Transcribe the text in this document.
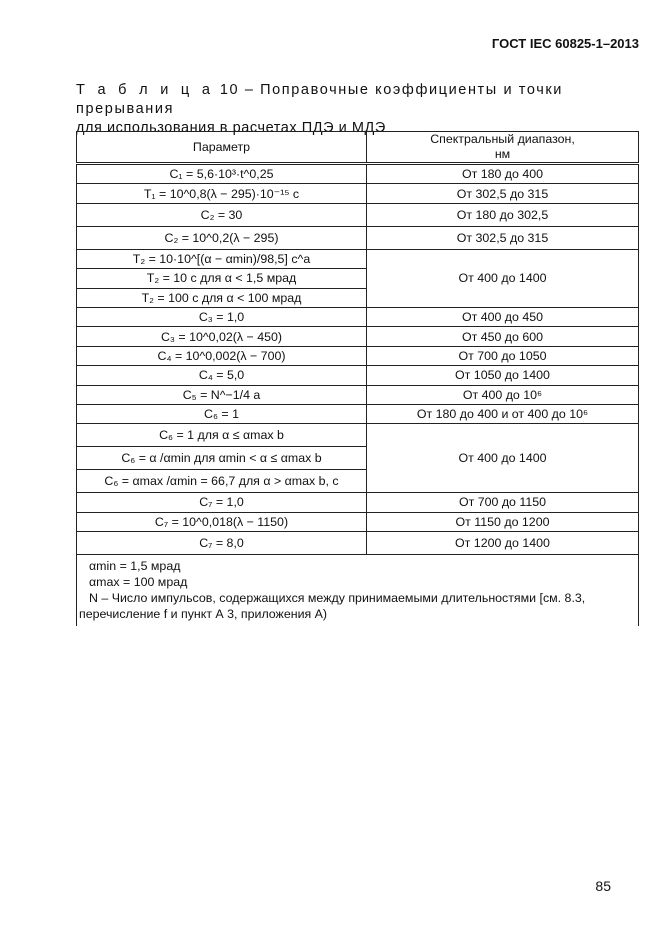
ГОСТ IEC 60825-1–2013
Т а б л и ц а 10 – Поправочные коэффициенты и точки прерывания
для использования в расчетах ПДЭ и МДЭ
Параметр	Спектральный диапазон,
нм
C₁ = 5,6·10³·t^0,25	От 180 до 400
T₁ = 10^0,8(λ − 295)·10⁻¹⁵ с	От 302,5 до 315
C₂ = 30	От 180 до 302,5
C₂ = 10^0,2(λ − 295)	От 302,5 до 315
T₂ = 10·10^[(α − αmin)/98,5] с^a	От 400 до 1400
T₂ = 10 с для α < 1,5 мрад	
T₂ = 100 с для α < 100 мрад	
C₃ = 1,0	От 400 до 450
C₃ = 10^0,02(λ − 450)	От 450 до 600
C₄ = 10^0,002(λ − 700)	От 700 до 1050
C₄ = 5,0	От 1050 до 1400
C₅ = N^−1/4 a	От 400 до 10⁶
C₆ = 1	От 180 до 400 и от 400 до 10⁶
C₆ = 1 для α ≤ αmax b	От 400 до 1400
C₆ = α /αmin для αmin < α ≤ αmax b	
C₆ = αmax /αmin = 66,7 для α > αmax b, c	
C₇ = 1,0	От 700 до 1150
C₇ = 10^0,018(λ − 1150)	От 1150 до 1200
C₇ = 8,0	От 1200 до 1400

αmin = 1,5 мрад
αmax = 100 мрад
N – Число импульсов, содержащихся между принимаемыми длительностями [см. 8.3,
перечисление f и пункт А 3, приложения А)	
85
